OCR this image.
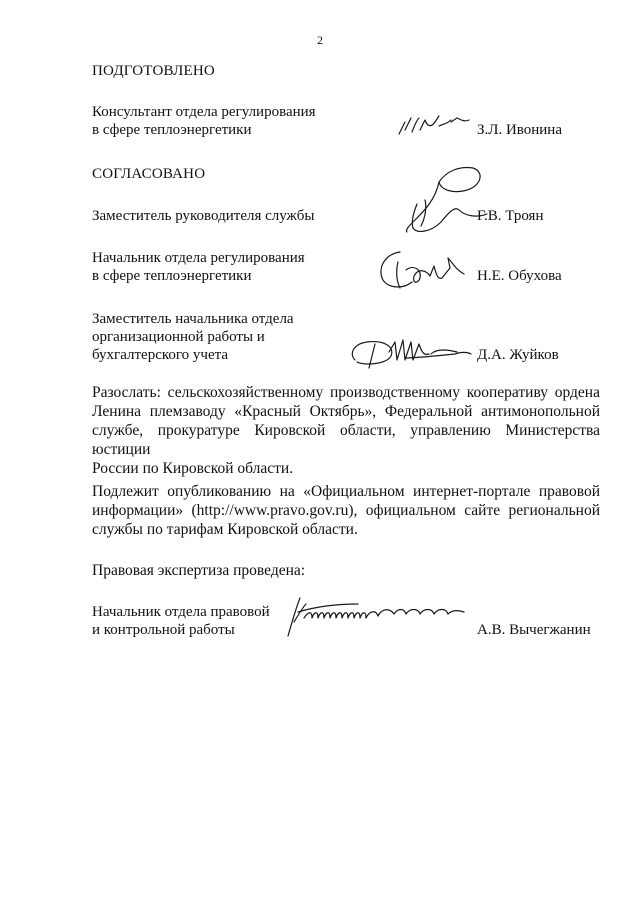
2
ПОДГОТОВЛЕНО
Консультант отдела регулирования
в сфере теплоэнергетики	З.Л. Ивонина
СОГЛАСОВАНО
Заместитель руководителя службы	Г.В. Троян
Начальник отдела регулирования
в сфере теплоэнергетики	Н.Е. Обухова
Заместитель начальника отдела
организационной работы и
бухгалтерского учета	Д.А. Жуйков
Разослать: сельскохозяйственному производственному кооперативу ордена
Ленина племзаводу «Красный Октябрь», Федеральной антимонопольной
службе, прокуратуре Кировской области, управлению Министерства юстиции
России по Кировской области.
Подлежит опубликованию на «Официальном интернет-портале правовой
информации» (http://www.pravo.gov.ru), официальном сайте региональной
службы по тарифам Кировской области.
Правовая экспертиза проведена:
Начальник отдела правовой
и контрольной работы	А.В. Вычегжанин
